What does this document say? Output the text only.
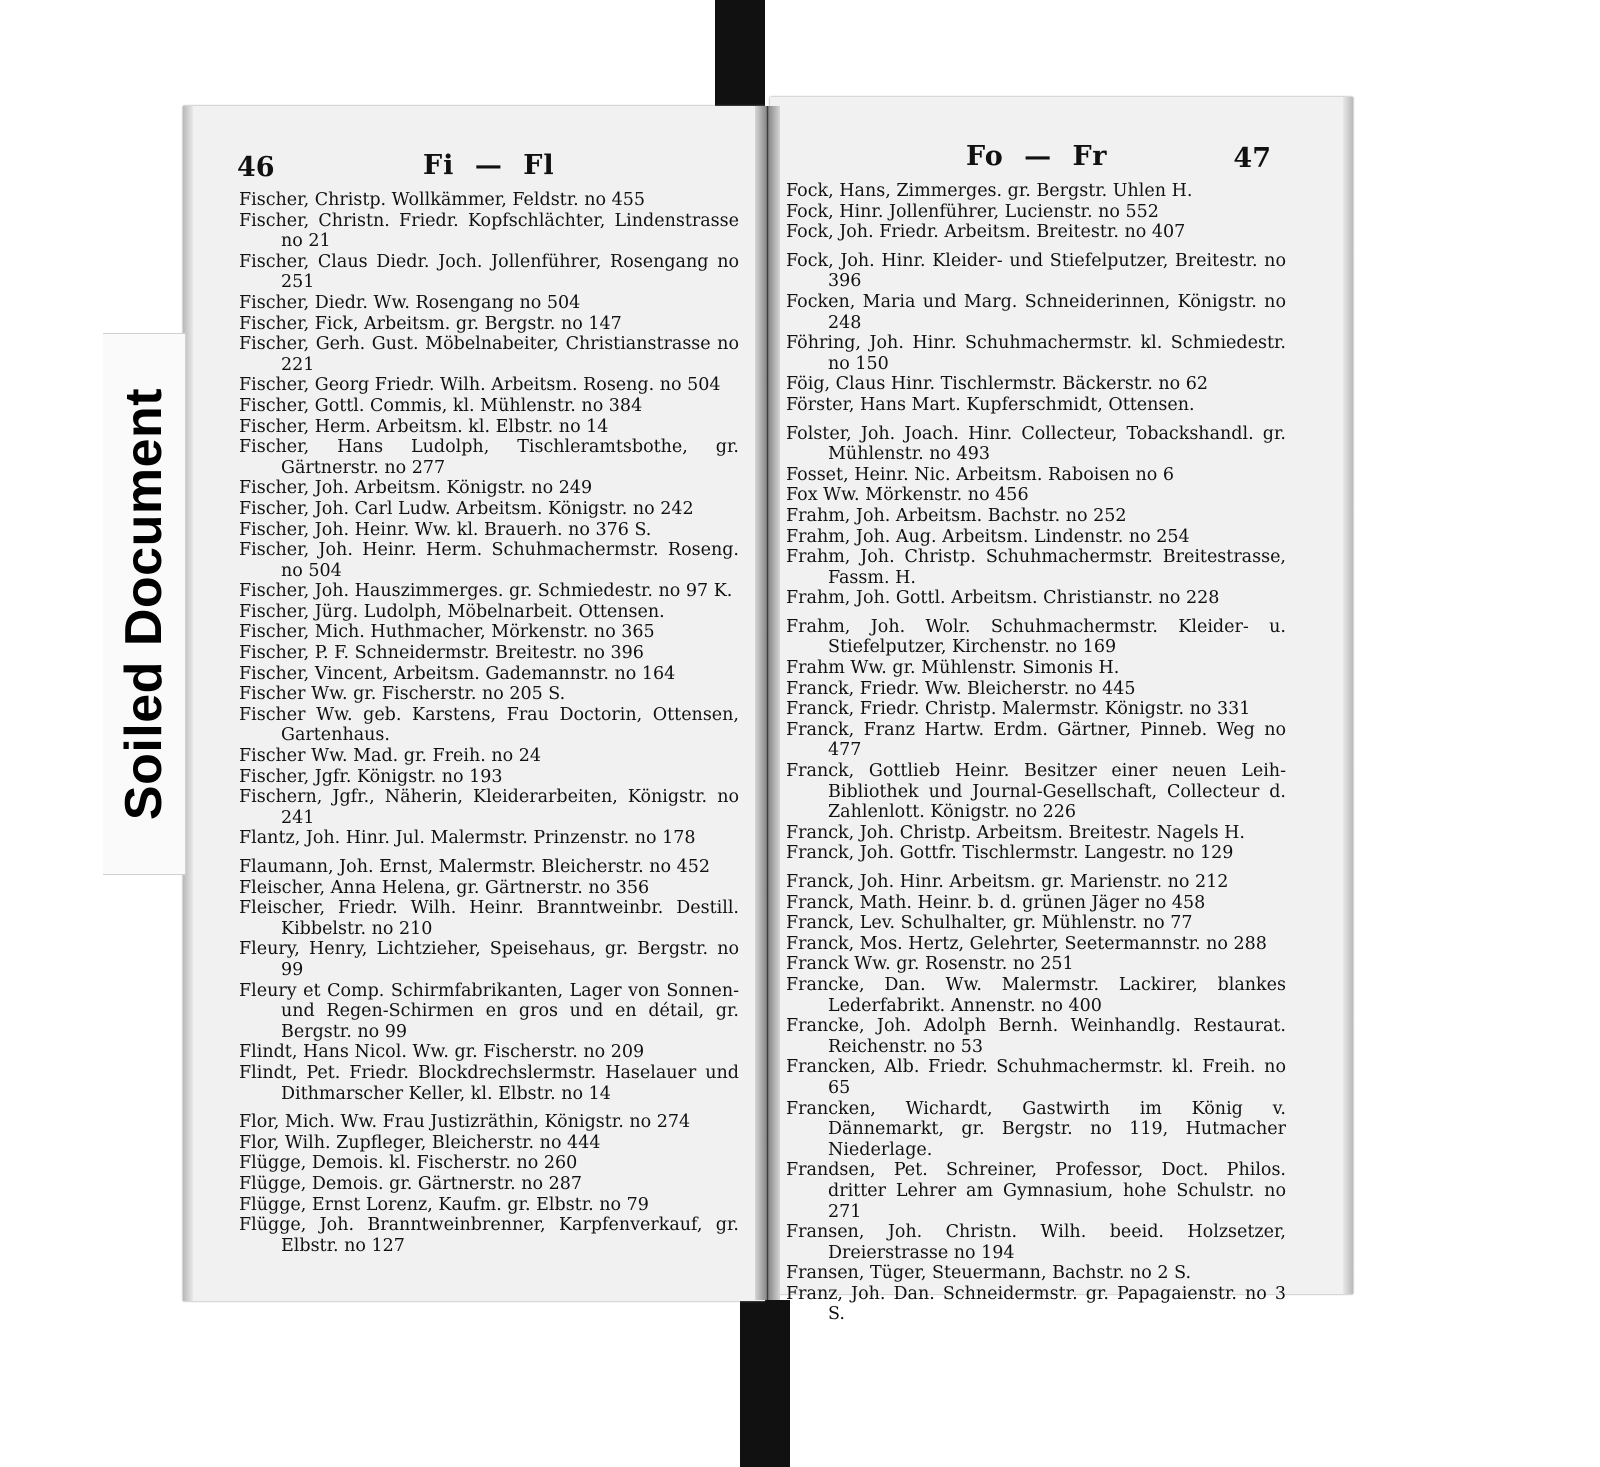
46	Fi — Fl
Fischer, Christp. Wollkämmer, Feldstr. no 455
Fischer, Christn. Friedr. Kopfschlächter, Lindenstrasse no 21
Fischer, Claus Diedr. Joch. Jollenführer, Rosengang no 251
Fischer, Diedr. Ww. Rosengang no 504
Fischer, Fick, Arbeitsm. gr. Bergstr. no 147
Fischer, Gerh. Gust. Möbelnabeiter, Christianstrasse no 221
Fischer, Georg Friedr. Wilh. Arbeitsm. Roseng. no 504
Fischer, Gottl. Commis, kl. Mühlenstr. no 384
Fischer, Herm. Arbeitsm. kl. Elbstr. no 14
Fischer, Hans Ludolph, Tischleramtsbothe, gr. Gärtnerstr. no 277
Fischer, Joh. Arbeitsm. Königstr. no 249
Fischer, Joh. Carl Ludw. Arbeitsm. Königstr. no 242
Fischer, Joh. Heinr. Ww. kl. Brauerh. no 376 S.
Fischer, Joh. Heinr. Herm. Schuhmachermstr. Roseng. no 504
Fischer, Joh. Hauszimmerges. gr. Schmiedestr. no 97 K.
Fischer, Jürg. Ludolph, Möbelnarbeit. Ottensen.
Fischer, Mich. Huthmacher, Mörkenstr. no 365
Fischer, P. F. Schneidermstr. Breitestr. no 396
Fischer, Vincent, Arbeitsm. Gademannstr. no 164
Fischer Ww. gr. Fischerstr. no 205 S.
Fischer Ww. geb. Karstens, Frau Doctorin, Ottensen, Gartenhaus.
Fischer Ww. Mad. gr. Freih. no 24
Fischer, Jgfr. Königstr. no 193
Fischern, Jgfr., Näherin, Kleiderarbeiten, Königstr. no 241
Flantz, Joh. Hinr. Jul. Malermstr. Prinzenstr. no 178
Flaumann, Joh. Ernst, Malermstr. Bleicherstr. no 452
Fleischer, Anna Helena, gr. Gärtnerstr. no 356
Fleischer, Friedr. Wilh. Heinr. Branntweinbr. Destill. Kibbelstr. no 210
Fleury, Henry, Lichtzieher, Speisehaus, gr. Bergstr. no 99
Fleury et Comp. Schirmfabrikanten, Lager von Sonnen- und Regen-Schirmen en gros und en détail, gr. Bergstr. no 99
Flindt, Hans Nicol. Ww. gr. Fischerstr. no 209
Flindt, Pet. Friedr. Blockdrechslermstr. Haselauer und Dithmarscher Keller, kl. Elbstr. no 14
Flor, Mich. Ww. Frau Justizräthin, Königstr. no 274
Flor, Wilh. Zupfleger, Bleicherstr. no 444
Flügge, Demois. kl. Fischerstr. no 260
Flügge, Demois. gr. Gärtnerstr. no 287
Flügge, Ernst Lorenz, Kaufm. gr. Elbstr. no 79
Flügge, Joh. Branntweinbrenner, Karpfenverkauf, gr. Elbstr. no 127
Fo — Fr	47
Fock, Hans, Zimmerges. gr. Bergstr. Uhlen H.
Fock, Hinr. Jollenführer, Lucienstr. no 552
Fock, Joh. Friedr. Arbeitsm. Breitestr. no 407
Fock, Joh. Hinr. Kleider- und Stiefelputzer, Breitestr. no 396
Focken, Maria und Marg. Schneiderinnen, Königstr. no 248
Föhring, Joh. Hinr. Schuhmachermstr. kl. Schmiedestr. no 150
Föig, Claus Hinr. Tischlermstr. Bäckerstr. no 62
Förster, Hans Mart. Kupferschmidt, Ottensen.
Folster, Joh. Joach. Hinr. Collecteur, Tobackshandl. gr. Mühlenstr. no 493
Fosset, Heinr. Nic. Arbeitsm. Raboisen no 6
Fox Ww. Mörkenstr. no 456
Frahm, Joh. Arbeitsm. Bachstr. no 252
Frahm, Joh. Aug. Arbeitsm. Lindenstr. no 254
Frahm, Joh. Christp. Schuhmachermstr. Breitestrasse, Fassm. H.
Frahm, Joh. Gottl. Arbeitsm. Christianstr. no 228
Frahm, Joh. Wolr. Schuhmachermstr. Kleider- u. Stiefelputzer, Kirchenstr. no 169
Frahm Ww. gr. Mühlenstr. Simonis H.
Franck, Friedr. Ww. Bleicherstr. no 445
Franck, Friedr. Christp. Malermstr. Königstr. no 331
Franck, Franz Hartw. Erdm. Gärtner, Pinneb. Weg no 477
Franck, Gottlieb Heinr. Besitzer einer neuen Leih-Bibliothek und Journal-Gesellschaft, Collecteur d. Zahlenlott. Königstr. no 226
Franck, Joh. Christp. Arbeitsm. Breitestr. Nagels H.
Franck, Joh. Gottfr. Tischlermstr. Langestr. no 129
Franck, Joh. Hinr. Arbeitsm. gr. Marienstr. no 212
Franck, Math. Heinr. b. d. grünen Jäger no 458
Franck, Lev. Schulhalter, gr. Mühlenstr. no 77
Franck, Mos. Hertz, Gelehrter, Seetermannstr. no 288
Franck Ww. gr. Rosenstr. no 251
Francke, Dan. Ww. Malermstr. Lackirer, blankes Lederfabrikt. Annenstr. no 400
Francke, Joh. Adolph Bernh. Weinhandlg. Restaurat. Reichenstr. no 53
Francken, Alb. Friedr. Schuhmachermstr. kl. Freih. no 65
Francken, Wichardt, Gastwirth im König v. Dännemarkt, gr. Bergstr. no 119, Hutmacher Niederlage.
Frandsen, Pet. Schreiner, Professor, Doct. Philos. dritter Lehrer am Gymnasium, hohe Schulstr. no 271
Fransen, Joh. Christn. Wilh. beeid. Holzsetzer, Dreierstrasse no 194
Fransen, Tüger, Steuermann, Bachstr. no 2 S.
Franz, Joh. Dan. Schneidermstr. gr. Papagaienstr. no 3 S.
Soiled Document
